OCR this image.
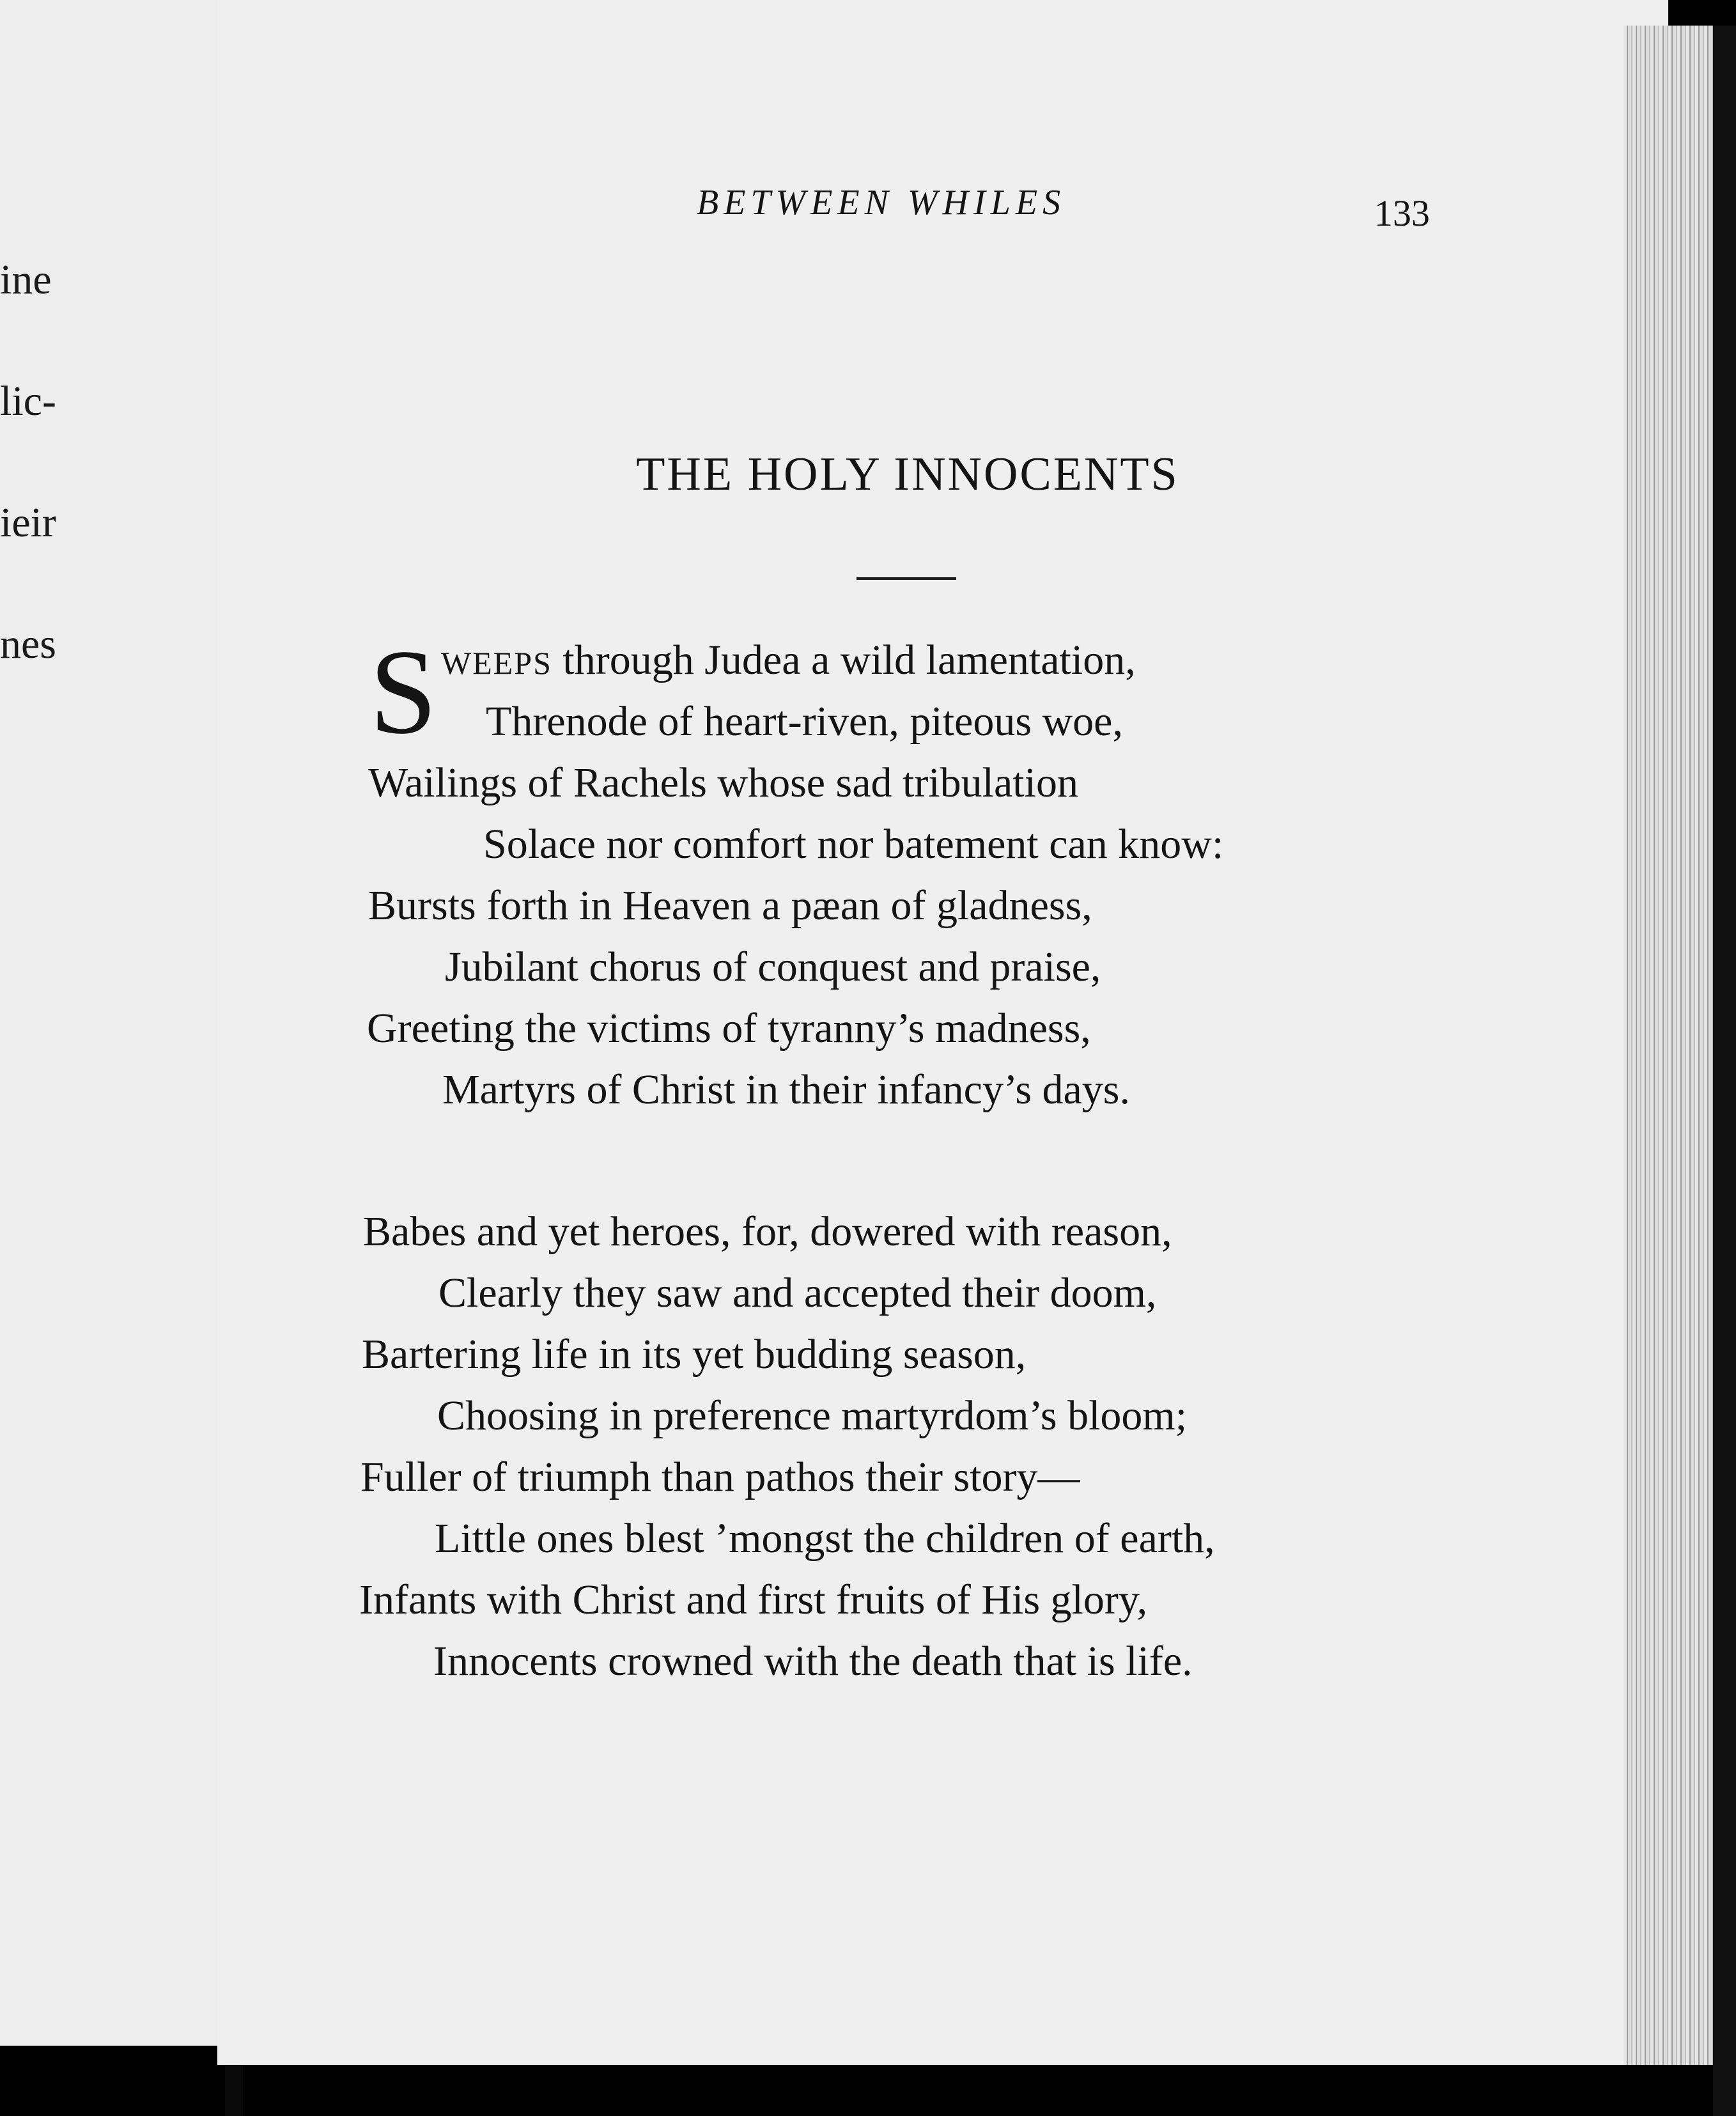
ine
lic-
ieir
nes
BETWEEN WHILES	133
THE HOLY INNOCENTS
S WEEPS through Judea a wild lamentation,
Threnode of heart-riven, piteous woe,
Wailings of Rachels whose sad tribulation
Solace nor comfort nor batement can know:
Bursts forth in Heaven a pæan of gladness,
Jubilant chorus of conquest and praise,
Greeting the victims of tyranny’s madness,
Martyrs of Christ in their infancy’s days.
Babes and yet heroes, for, dowered with reason,
Clearly they saw and accepted their doom,
Bartering life in its yet budding season,
Choosing in preference martyrdom’s bloom;
Fuller of triumph than pathos their story—
Little ones blest ’mongst the children of earth,
Infants with Christ and first fruits of His glory,
Innocents crowned with the death that is life.
